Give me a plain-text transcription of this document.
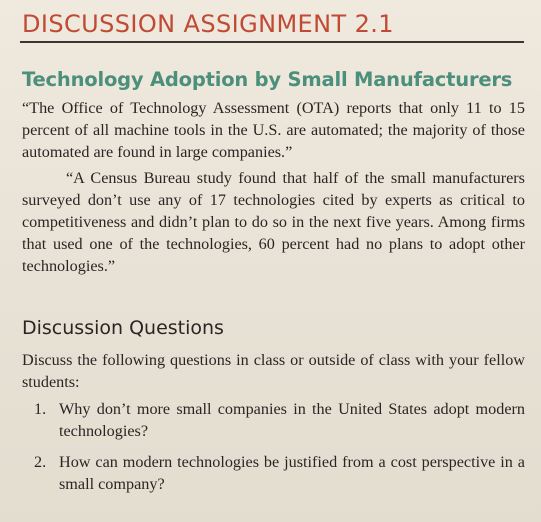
DISCUSSION ASSIGNMENT 2.1
Technology Adoption by Small Manufacturers

“The Office of Technology Assessment (OTA) reports that only 11 to 15 percent of all machine tools in the U.S. are automated; the majority of those automated are found in large companies.”

“A Census Bureau study found that half of the small manufacturers surveyed don’t use any of 17 technologies cited by experts as critical to competitiveness and didn’t plan to do so in the next five years. Among firms that used one of the technologies, 60 percent had no plans to adopt other technologies.”

Discussion Questions

Discuss the following questions in class or outside of class with your fellow students:

1. Why don’t more small companies in the United States adopt modern technologies?
2. How can modern technologies be justified from a cost perspective in a small company?
